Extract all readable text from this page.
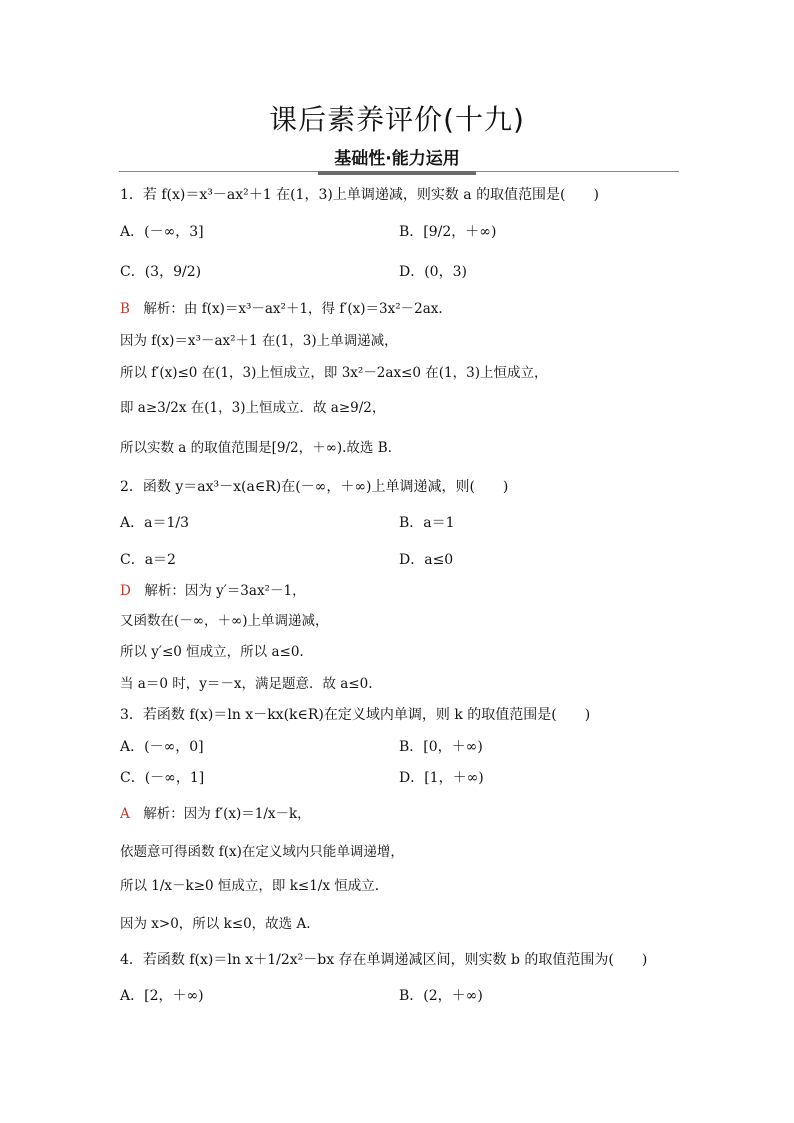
课后素养评价(十九)
基础性·能力运用
1．若 f(x)＝x³－ax²＋1 在(1，3)上单调递减，则实数 a 的取值范围是(　　)
A．(－∞，3]	B．[9/2，＋∞)
C．(3，9/2)	D．(0，3)
B　 解析：由 f(x)＝x³－ax²＋1，得 f′(x)＝3x²－2ax.
因为 f(x)＝x³－ax²＋1 在(1，3)上单调递减，
所以 f′(x)≤0 在(1，3)上恒成立，即 3x²－2ax≤0 在(1，3)上恒成立，
即 a≥3/2x 在(1，3)上恒成立．故 a≥9/2，
所以实数 a 的取值范围是[9/2，＋∞).故选 B.
2．函数 y＝ax³－x(a∈R)在(－∞，＋∞)上单调递减，则(　　)
A．a＝1/3	B．a＝1
C．a＝2	D．a≤0
D　 解析：因为 y′＝3ax²－1，
又函数在(－∞，＋∞)上单调递减，
所以 y′≤0 恒成立，所以 a≤0.
当 a＝0 时，y＝－x，满足题意．故 a≤0.
3．若函数 f(x)＝ln x－kx(k∈R)在定义域内单调，则 k 的取值范围是(　　)
A．(－∞，0]	B．[0，＋∞)
C．(－∞，1]	D．[1，＋∞)
A　 解析：因为 f′(x)＝1/x－k，
依题意可得函数 f(x)在定义域内只能单调递增，
所以 1/x－k≥0 恒成立，即 k≤1/x 恒成立.
因为 x>0，所以 k≤0，故选 A.
4．若函数 f(x)＝ln x＋1/2x²－bx 存在单调递减区间，则实数 b 的取值范围为(　　)
A．[2，＋∞)	B．(2，＋∞)
